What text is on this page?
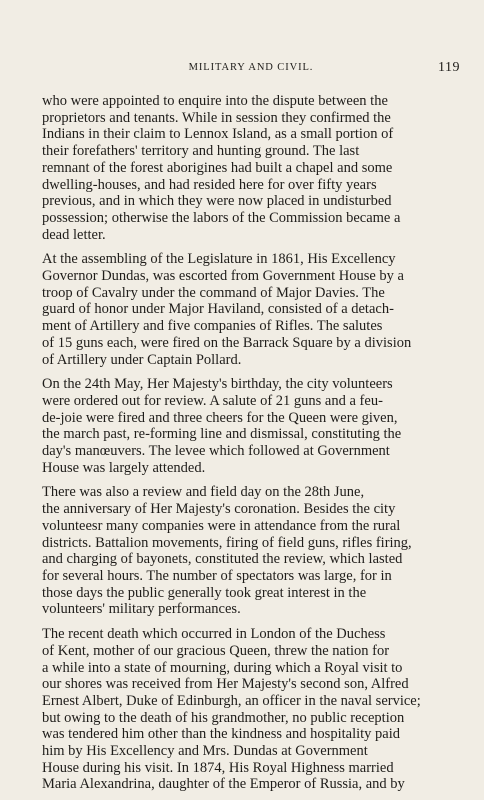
MILITARY AND CIVIL.	119

who were appointed to enquire into the dispute between the
proprietors and tenants. While in session they confirmed the
Indians in their claim to Lennox Island, as a small portion of
their forefathers' territory and hunting ground. The last
remnant of the forest aborigines had built a chapel and some
dwelling-houses, and had resided here for over fifty years
previous, and in which they were now placed in undisturbed
possession; otherwise the labors of the Commission became a
dead letter.

At the assembling of the Legislature in 1861, His Excellency
Governor Dundas, was escorted from Government House by a
troop of Cavalry under the command of Major Davies. The
guard of honor under Major Haviland, consisted of a detach-
ment of Artillery and five companies of Rifles. The salutes
of 15 guns each, were fired on the Barrack Square by a division
of Artillery under Captain Pollard.

On the 24th May, Her Majesty's birthday, the city volunteers
were ordered out for review. A salute of 21 guns and a feu-
de-joie were fired and three cheers for the Queen were given,
the march past, re-forming line and dismissal, constituting the
day's manœuvers. The levee which followed at Government
House was largely attended.

There was also a review and field day on the 28th June,
the anniversary of Her Majesty's coronation. Besides the city
volunteesr many companies were in attendance from the rural
districts. Battalion movements, firing of field guns, rifles firing,
and charging of bayonets, constituted the review, which lasted
for several hours. The number of spectators was large, for in
those days the public generally took great interest in the
volunteers' military performances.

The recent death which occurred in London of the Duchess
of Kent, mother of our gracious Queen, threw the nation for
a while into a state of mourning, during which a Royal visit to
our shores was received from Her Majesty's second son, Alfred
Ernest Albert, Duke of Edinburgh, an officer in the naval service;
but owing to the death of his grandmother, no public reception
was tendered him other than the kindness and hospitality paid
him by His Excellency and Mrs. Dundas at Government
House during his visit. In 1874, His Royal Highness married
Maria Alexandrina, daughter of the Emperor of Russia, and by
